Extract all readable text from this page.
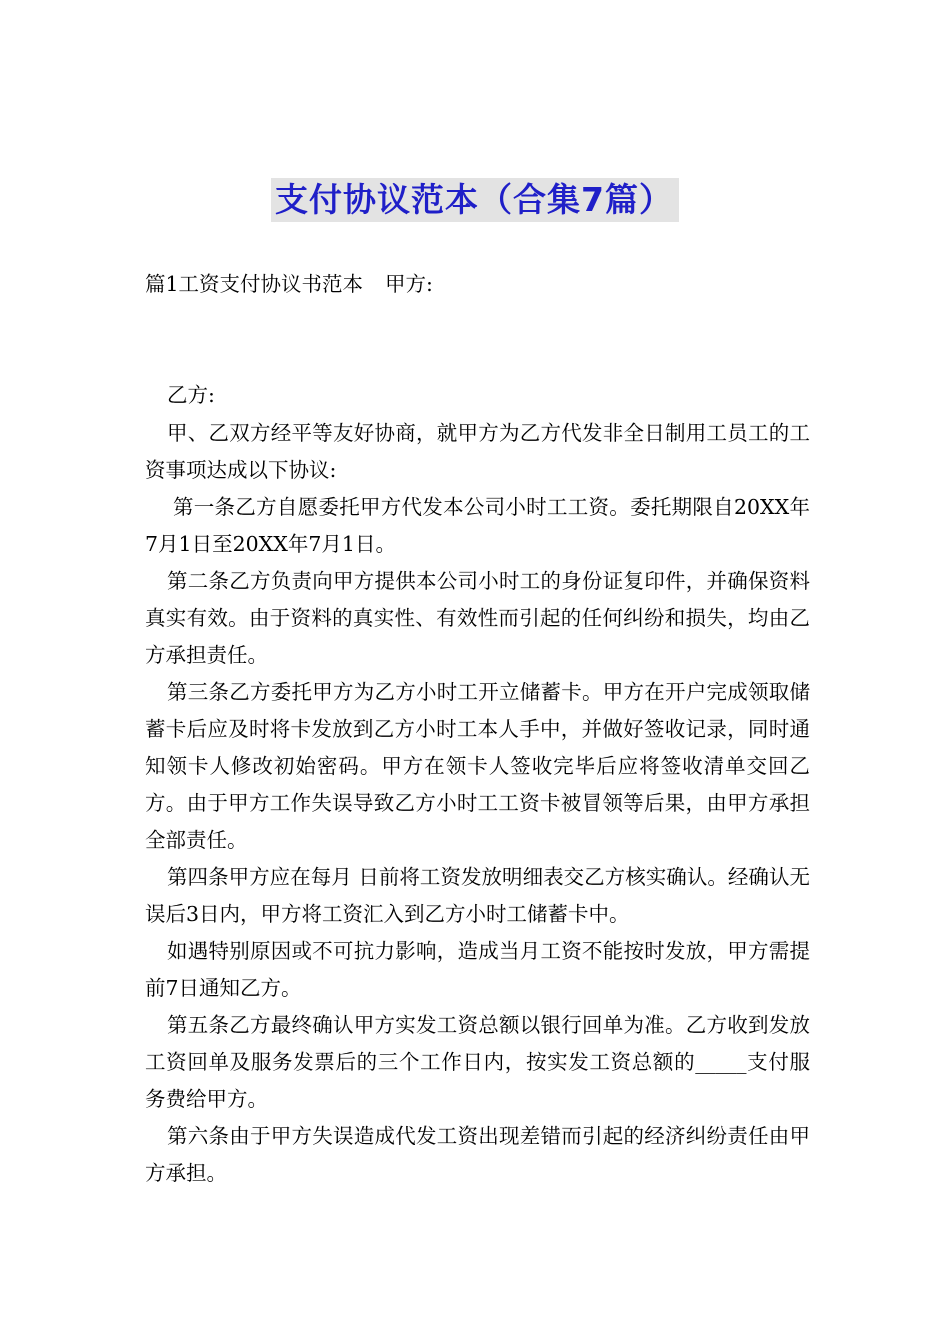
支付协议范本（合集7篇）
篇1工资支付协议书范本 甲方:

乙方:

甲、乙双方经平等友好协商，就甲方为乙方代发非全日制用工员工的工资事项达成以下协议:

第一条乙方自愿委托甲方代发本公司小时工工资。委托期限自20XX年7月1日至20XX年7月1日。

第二条乙方负责向甲方提供本公司小时工的身份证复印件，并确保资料真实有效。由于资料的真实性、有效性而引起的任何纠纷和损失，均由乙方承担责任。

第三条乙方委托甲方为乙方小时工开立储蓄卡。甲方在开户完成领取储蓄卡后应及时将卡发放到乙方小时工本人手中，并做好签收记录，同时通知领卡人修改初始密码。甲方在领卡人签收完毕后应将签收清单交回乙方。由于甲方工作失误导致乙方小时工工资卡被冒领等后果，由甲方承担全部责任。

第四条甲方应在每月 日前将工资发放明细表交乙方核实确认。经确认无误后3日内，甲方将工资汇入到乙方小时工储蓄卡中。

如遇特别原因或不可抗力影响，造成当月工资不能按时发放，甲方需提前7日通知乙方。

第五条乙方最终确认甲方实发工资总额以银行回单为准。乙方收到发放工资回单及服务发票后的三个工作日内，按实发工资总额的_____支付服务费给甲方。

第六条由于甲方失误造成代发工资出现差错而引起的经济纠纷责任由甲方承担。
